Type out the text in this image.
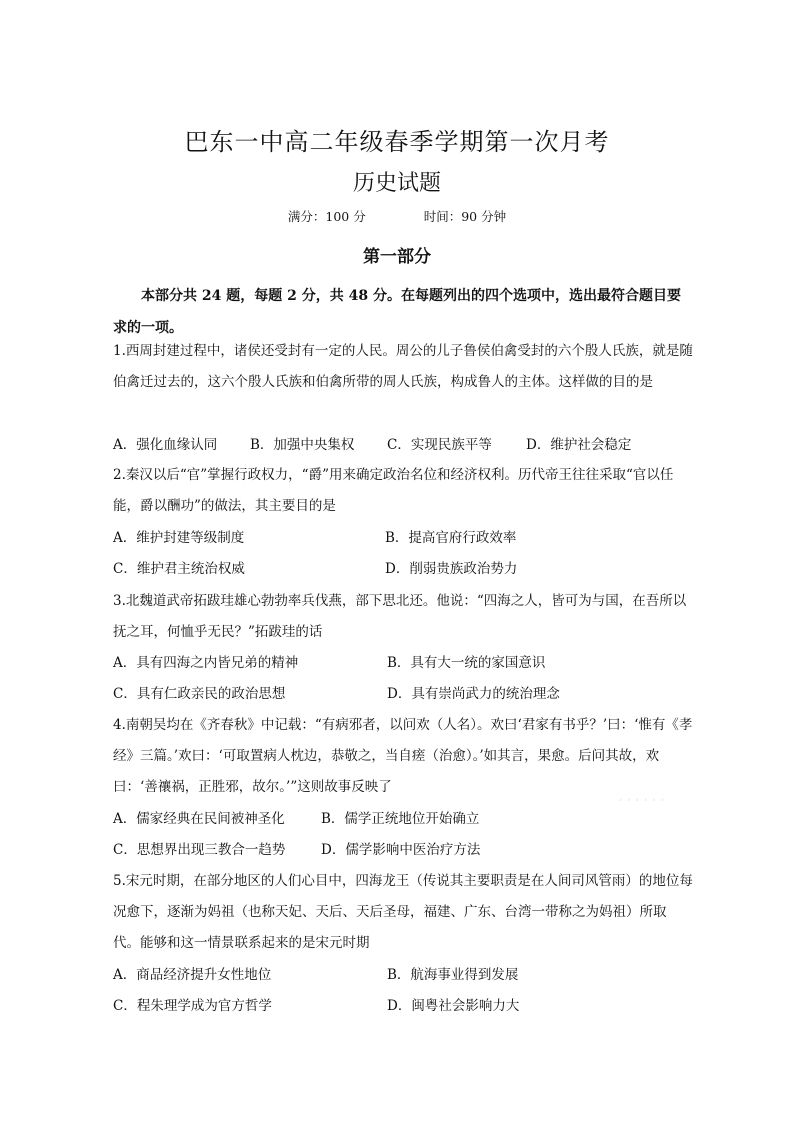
巴东一中高二年级春季学期第一次月考
历史试题
满分：100 分	时间：90 分钟
第一部分
本部分共 24 题，每题 2 分，共 48 分。在每题列出的四个选项中，选出最符合题目要求的一项。
1.西周封建过程中，诸侯还受封有一定的人民。周公的儿子鲁侯伯禽受封的六个殷人氏族，就是随伯禽迁过去的，这六个殷人氏族和伯禽所带的周人氏族，构成鲁人的主体。这样做的目的是
A．强化血缘认同 B．加强中央集权 C．实现民族平等	D．维护社会稳定
2.秦汉以后“官”掌握行政权力，“爵”用来确定政治名位和经济权利。历代帝王往往采取“官以任能，爵以酬功”的做法，其主要目的是
A．维护封建等级制度	B．提高官府行政效率
C．维护君主统治权威	D．削弱贵族政治势力
3.北魏道武帝拓跋珪雄心勃勃率兵伐燕，部下思北还。他说：“四海之人，皆可为与国，在吾所以抚之耳，何恤乎无民？”拓跋珪的话
A．具有四海之内皆兄弟的精神	B．具有大一统的家国意识
C．具有仁政亲民的政治思想	D．具有崇尚武力的统治理念
4.南朝吴均在《齐春秋》中记载：“有病邪者，以问欢（人名）。欢曰‘君家有书乎？’曰：‘惟有《孝经》三篇。’欢曰：‘可取置病人枕边，恭敬之，当自瘥（治愈）。’如其言，果愈。后问其故，欢曰：‘善禳祸，正胜邪，故尔。’”这则故事反映了
······
A．儒家经典在民间被神圣化	B．儒学正统地位开始确立
C．思想界出现三教合一趋势	D．儒学影响中医治疗方法
5.宋元时期，在部分地区的人们心目中，四海龙王（传说其主要职责是在人间司风管雨）的地位每况愈下，逐渐为妈祖（也称天妃、天后、天后圣母，福建、广东、台湾一带称之为妈祖）所取代。能够和这一情景联系起来的是宋元时期
A．商品经济提升女性地位	B．航海事业得到发展
C．程朱理学成为官方哲学	D．闽粤社会影响力大
